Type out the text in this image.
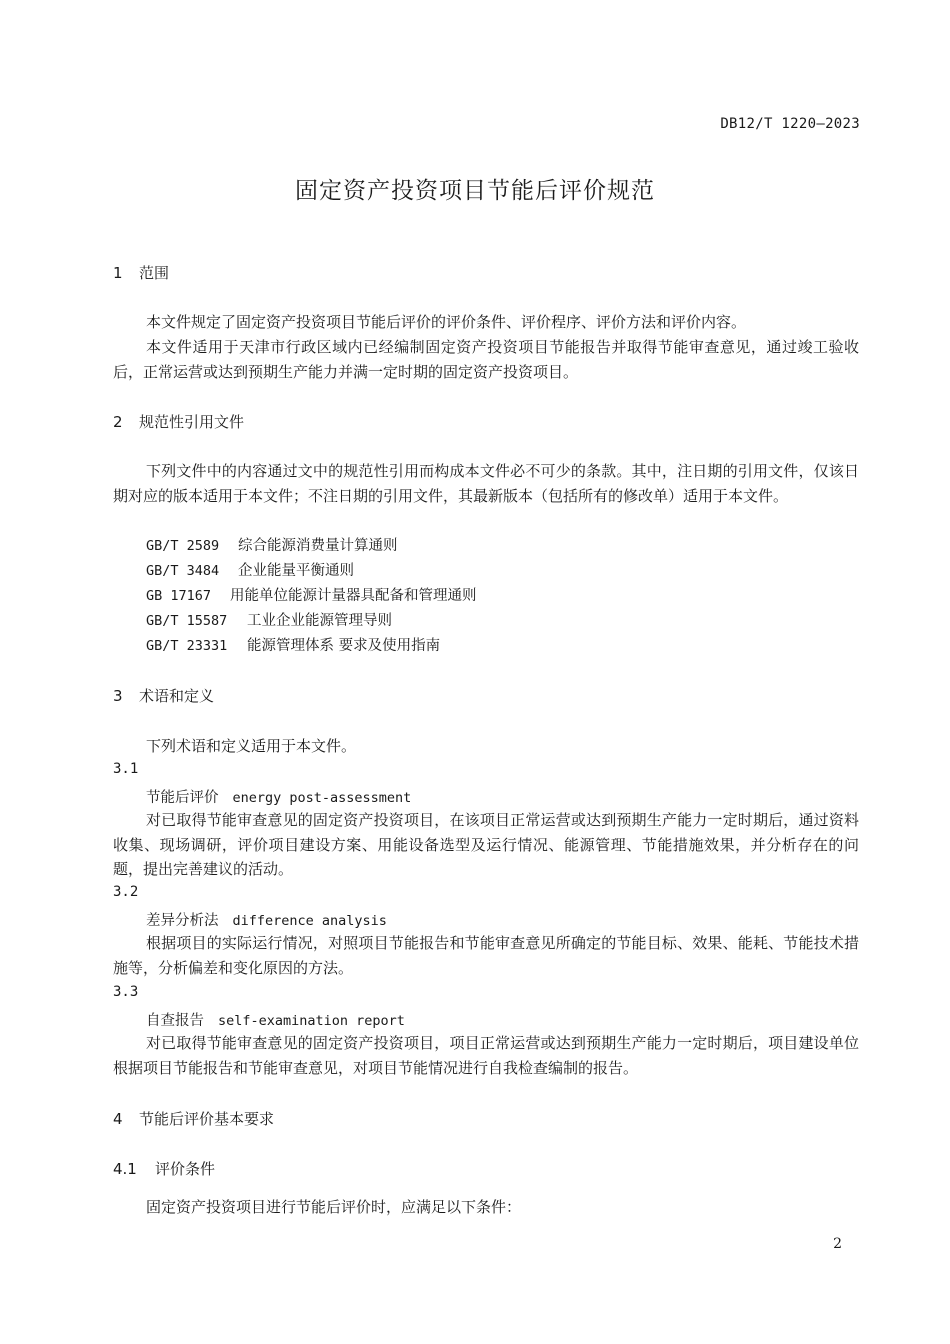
DB12/T 1220—2023
固定资产投资项目节能后评价规范
1 范围
本文件规定了固定资产投资项目节能后评价的评价条件、评价程序、评价方法和评价内容。
本文件适用于天津市行政区域内已经编制固定资产投资项目节能报告并取得节能审查意见，通过竣工验收后，正常运营或达到预期生产能力并满一定时期的固定资产投资项目。
2 规范性引用文件
下列文件中的内容通过文中的规范性引用而构成本文件必不可少的条款。其中，注日期的引用文件，仅该日期对应的版本适用于本文件；不注日期的引用文件，其最新版本（包括所有的修改单）适用于本文件。
GB/T 2589 综合能源消费量计算通则
GB/T 3484 企业能量平衡通则
GB 17167 用能单位能源计量器具配备和管理通则
GB/T 15587 工业企业能源管理导则
GB/T 23331 能源管理体系 要求及使用指南
3 术语和定义
下列术语和定义适用于本文件。
3.1
节能后评价 energy post-assessment
对已取得节能审查意见的固定资产投资项目，在该项目正常运营或达到预期生产能力一定时期后，通过资料收集、现场调研，评价项目建设方案、用能设备选型及运行情况、能源管理、节能措施效果，并分析存在的问题，提出完善建议的活动。
3.2
差异分析法 difference analysis
根据项目的实际运行情况，对照项目节能报告和节能审查意见所确定的节能目标、效果、能耗、节能技术措施等，分析偏差和变化原因的方法。
3.3
自查报告 self-examination report
对已取得节能审查意见的固定资产投资项目，项目正常运营或达到预期生产能力一定时期后，项目建设单位根据项目节能报告和节能审查意见，对项目节能情况进行自我检查编制的报告。
4 节能后评价基本要求
4.1 评价条件
固定资产投资项目进行节能后评价时，应满足以下条件：
2
